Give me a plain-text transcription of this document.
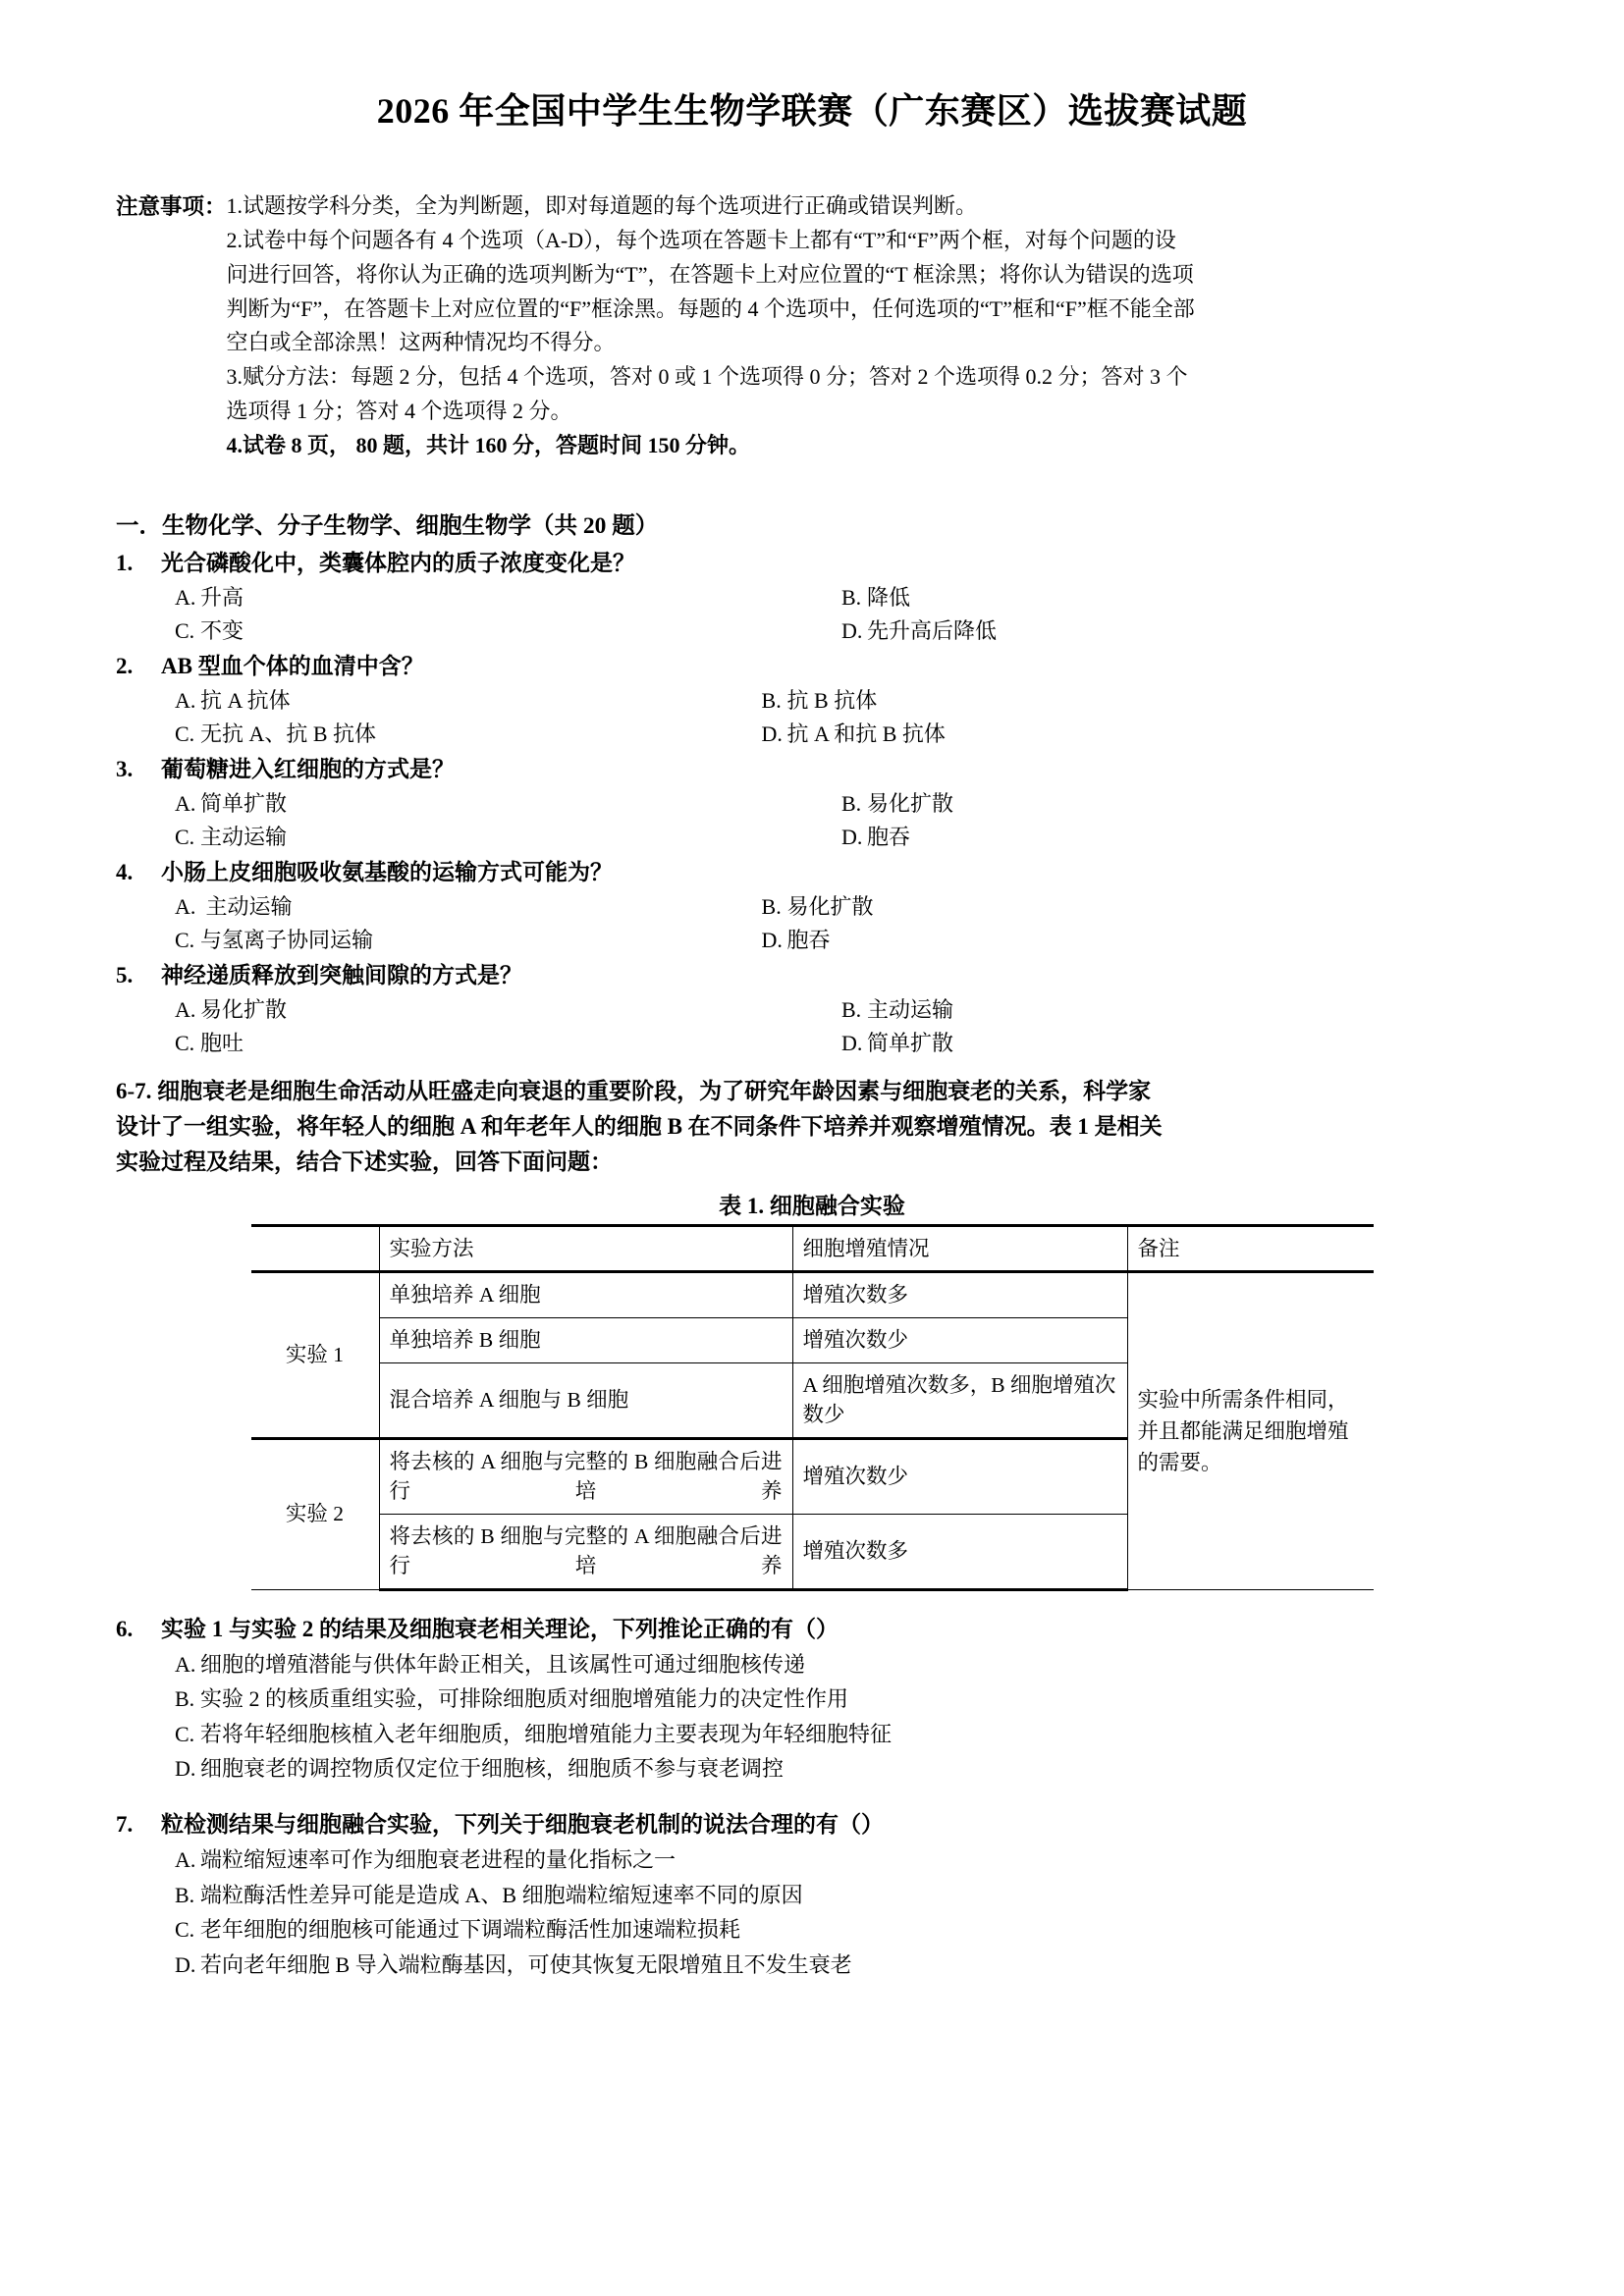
2026 年全国中学生生物学联赛（广东赛区）选拔赛试题
注意事项： 1.试题按学科分类，全为判断题，即对每道题的每个选项进行正确或错误判断。
2.试卷中每个问题各有 4 个选项（A-D），每个选项在答题卡上都有“T”和“F”两个框，对每个问题的设
问进行回答，将你认为正确的选项判断为“T”，在答题卡上对应位置的“T 框涂黑；将你认为错误的选项
判断为“F”，在答题卡上对应位置的“F”框涂黑。每题的 4 个选项中，任何选项的“T”框和“F”框不能全部
空白或全部涂黑！这两种情况均不得分。
3.赋分方法：每题 2 分，包括 4 个选项，答对 0 或 1 个选项得 0 分；答对 2 个选项得 0.2 分；答对 3 个
选项得 1 分；答对 4 个选项得 2 分。
4.试卷 8 页， 80 题，共计 160 分，答题时间 150 分钟。
一．生物化学、分子生物学、细胞生物学（共 20 题）
1.	光合磷酸化中，类囊体腔内的质子浓度变化是？
A. 升高	B. 降低
C. 不变	D. 先升高后降低
2.	AB 型血个体的血清中含？
A. 抗 A 抗体	B. 抗 B 抗体
C. 无抗 A、抗 B 抗体	D. 抗 A 和抗 B 抗体
3.	葡萄糖进入红细胞的方式是？
A. 简单扩散	B. 易化扩散
C. 主动运输	D. 胞吞
4.	小肠上皮细胞吸收氨基酸的运输方式可能为？
A. 主动运输	B. 易化扩散
C. 与氢离子协同运输	D. 胞吞
5.	神经递质释放到突触间隙的方式是？
A. 易化扩散	B. 主动运输
C. 胞吐	D. 简单扩散
6-7. 细胞衰老是细胞生命活动从旺盛走向衰退的重要阶段，为了研究年龄因素与细胞衰老的关系，科学家
设计了一组实验，将年轻人的细胞 A 和年老年人的细胞 B 在不同条件下培养并观察增殖情况。表 1 是相关
实验过程及结果，结合下述实验，回答下面问题：
表 1. 细胞融合实验
	实验方法	细胞增殖情况	备注
实验 1	单独培养 A 细胞	增殖次数多	实验中所需条件相同，并且都能满足细胞增殖的需要。
	单独培养 B 细胞	增殖次数少	
	混合培养 A 细胞与 B 细胞	A 细胞增殖次数多，B 细胞增殖次数少	
实验 2	将去核的 A 细胞与完整的 B 细胞融合后进行培养	增殖次数少	
	将去核的 B 细胞与完整的 A 细胞融合后进行培养	增殖次数多	
6.	实验 1 与实验 2 的结果及细胞衰老相关理论，下列推论正确的有（）
A. 细胞的增殖潜能与供体年龄正相关，且该属性可通过细胞核传递
B. 实验 2 的核质重组实验，可排除细胞质对细胞增殖能力的决定性作用
C. 若将年轻细胞核植入老年细胞质，细胞增殖能力主要表现为年轻细胞特征
D. 细胞衰老的调控物质仅定位于细胞核，细胞质不参与衰老调控
7.	粒检测结果与细胞融合实验，下列关于细胞衰老机制的说法合理的有（）
A. 端粒缩短速率可作为细胞衰老进程的量化指标之一
B. 端粒酶活性差异可能是造成 A、B 细胞端粒缩短速率不同的原因
C. 老年细胞的细胞核可能通过下调端粒酶活性加速端粒损耗
D. 若向老年细胞 B 导入端粒酶基因，可使其恢复无限增殖且不发生衰老
